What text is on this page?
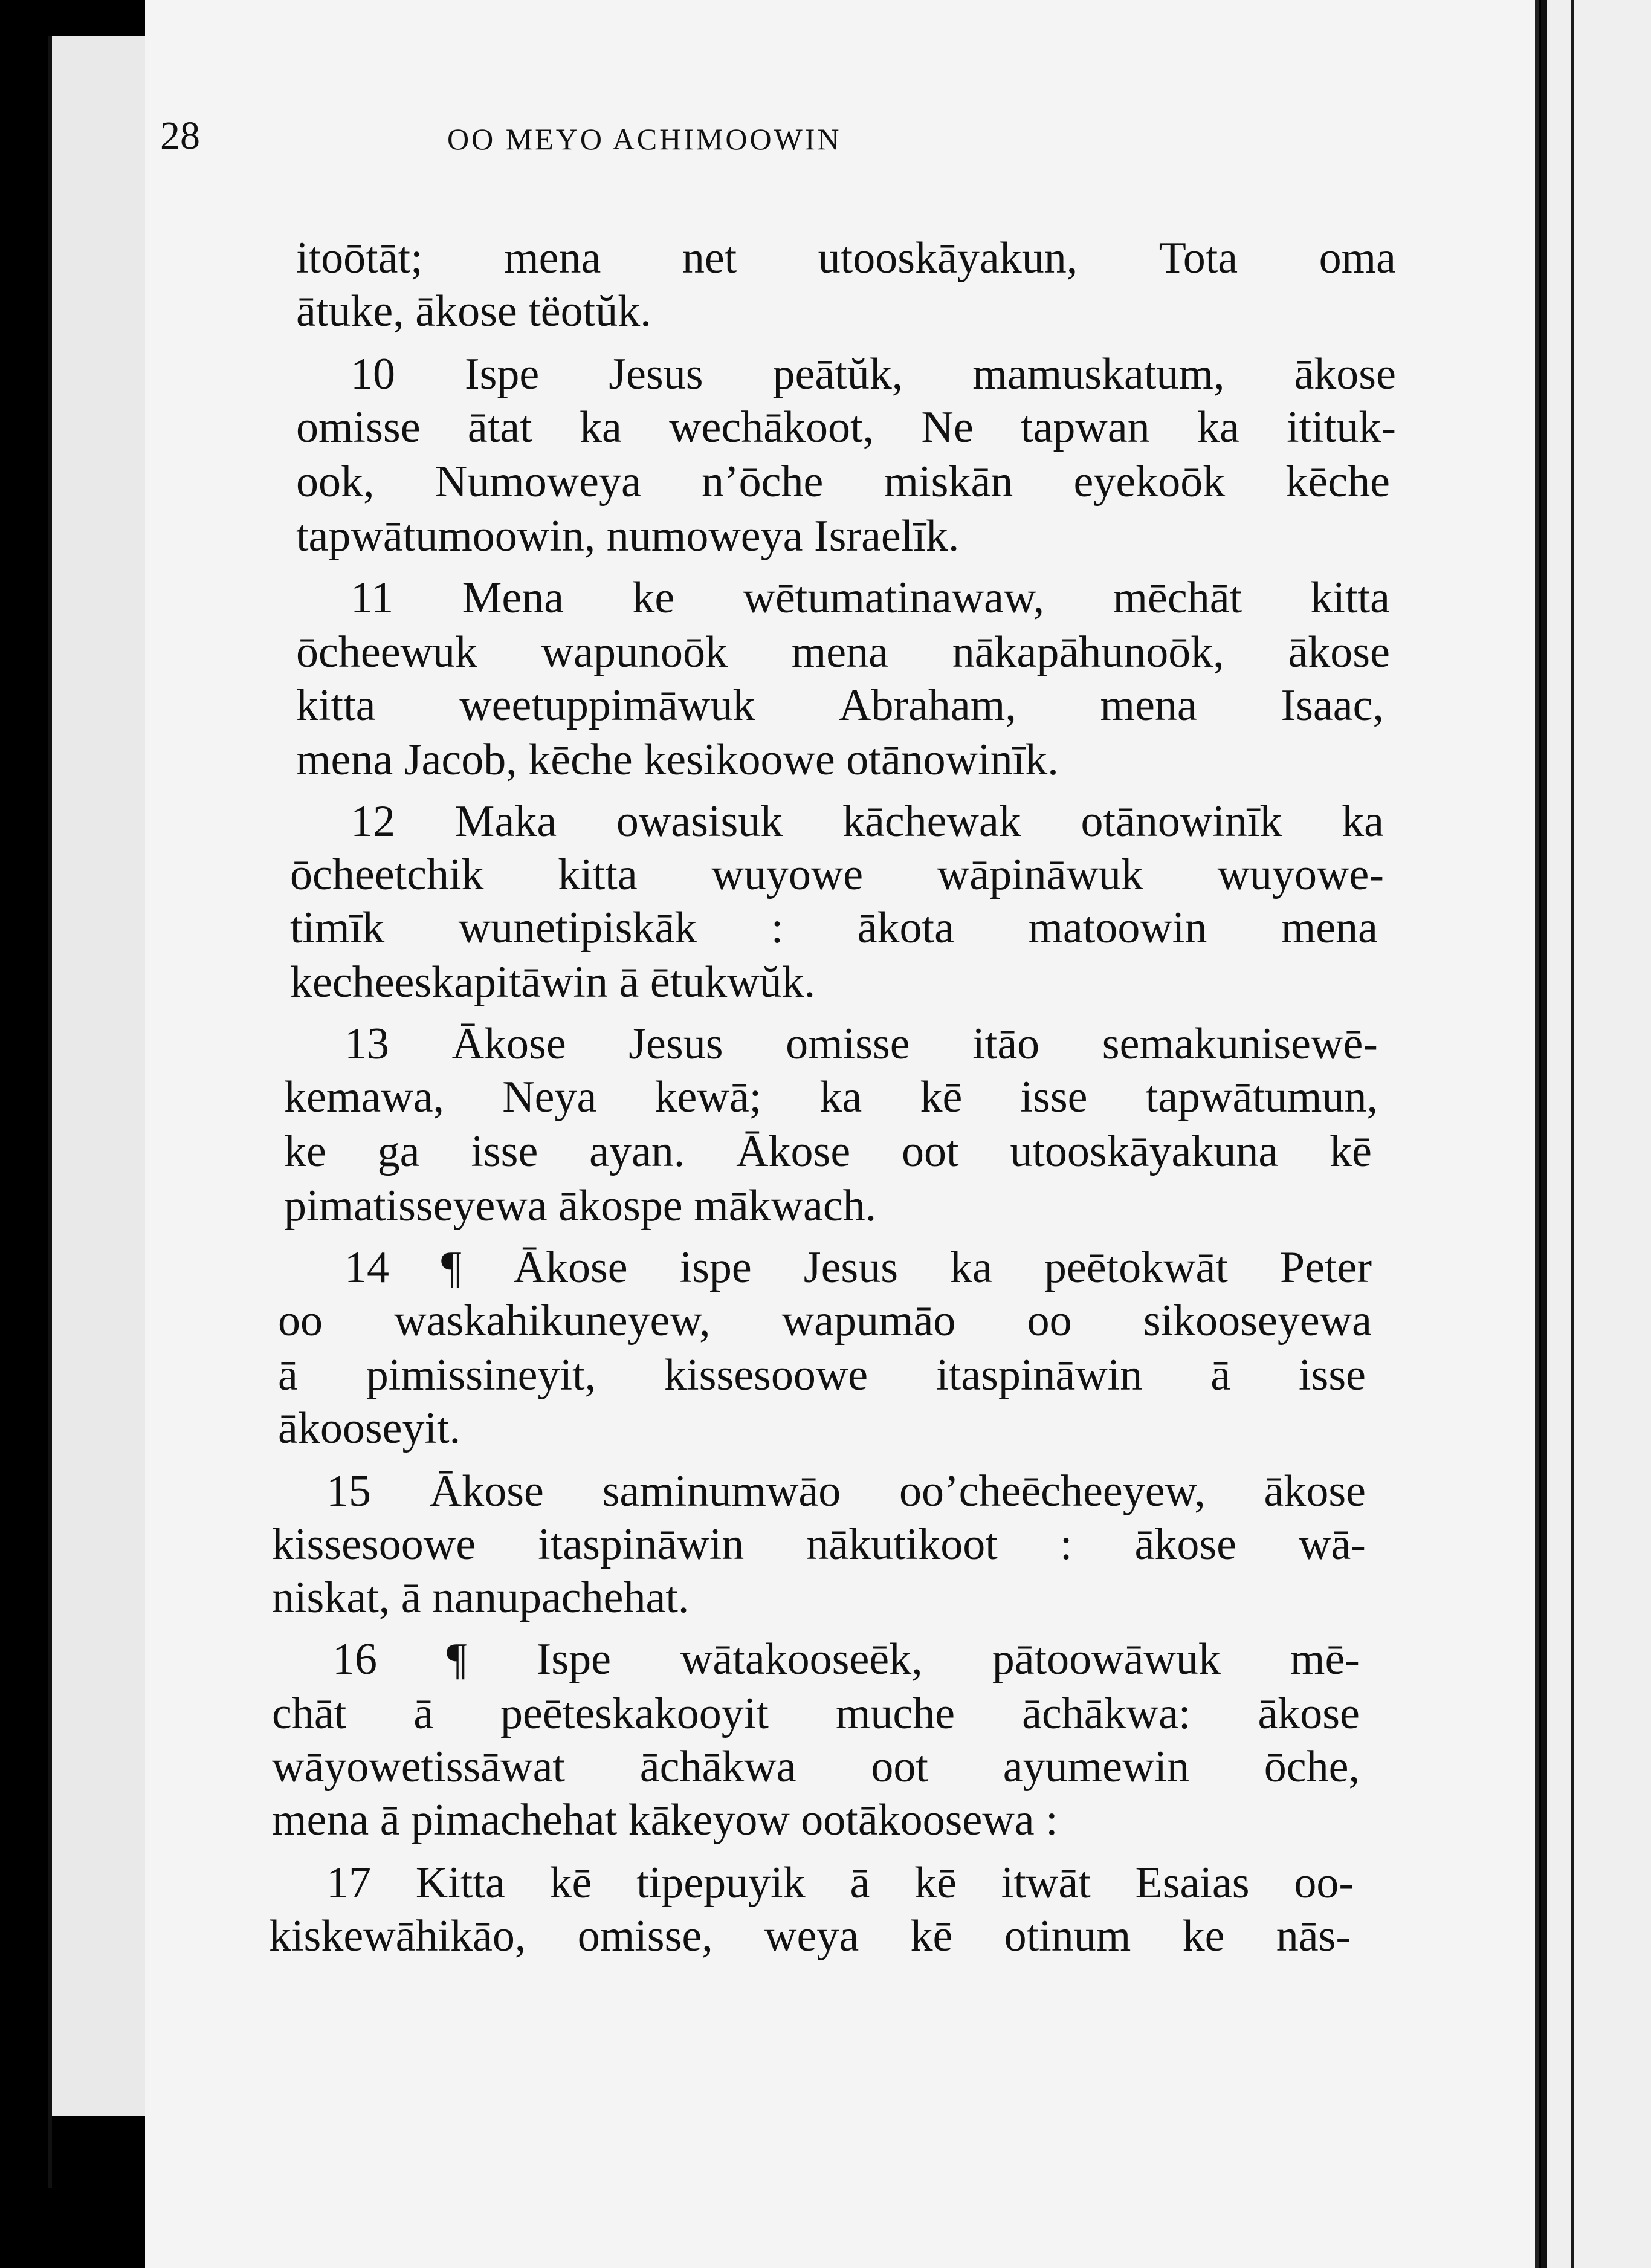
28	OO MEYO ACHIMOOWIN
itoōtāt; mena net utooskāyakun, Tota oma
ātuke, ākose tëotŭk.
10 Ispe Jesus peātŭk, mamuskatum, ākose
omisse ātat ka wechākoot, Ne tapwan ka itituk-
ook, Numoweya n’ōche miskān eyekoōk kēche
tapwātumoowin, numoweya Israelīk.
11 Mena ke wētumatinawaw, mēchāt kitta
ōcheewuk wapunoōk mena nākapāhunoōk, ākose
kitta weetuppimāwuk Abraham, mena Isaac,
mena Jacob, kēche kesikoowe otānowinīk.
12 Maka owasisuk kāchewak otānowinīk ka
ōcheetchik kitta wuyowe wāpināwuk wuyowe-
timīk wunetipiskāk : ākota matoowin mena
kecheeskapitāwin ā ētukwŭk.
13 Ākose Jesus omisse itāo semakunisewē-
kemawa, Neya kewā; ka kē isse tapwātumun,
ke ga isse ayan. Ākose oot utooskāyakuna kē
pimatisseyewa ākospe mākwach.
14 ¶ Ākose ispe Jesus ka peētokwāt Peter
oo waskahikuneyew, wapumāo oo sikooseyewa
ā pimissineyit, kissesoowe itaspināwin ā isse
ākooseyit.
15 Ākose saminumwāo oo’cheēcheeyew, ākose
kissesoowe itaspināwin nākutikoot : ākose wā-
niskat, ā nanupachehat.
16 ¶ Ispe wātakooseēk, pātoowāwuk mē-
chāt ā peēteskakooyit muche āchākwa: ākose
wāyowetissāwat āchākwa oot ayumewin ōche,
mena ā pimachehat kākeyow ootākoosewa :
17 Kitta kē tipepuyik ā kē itwāt Esaias oo-
kiskewāhikāo, omisse, weya kē otinum ke nās-
